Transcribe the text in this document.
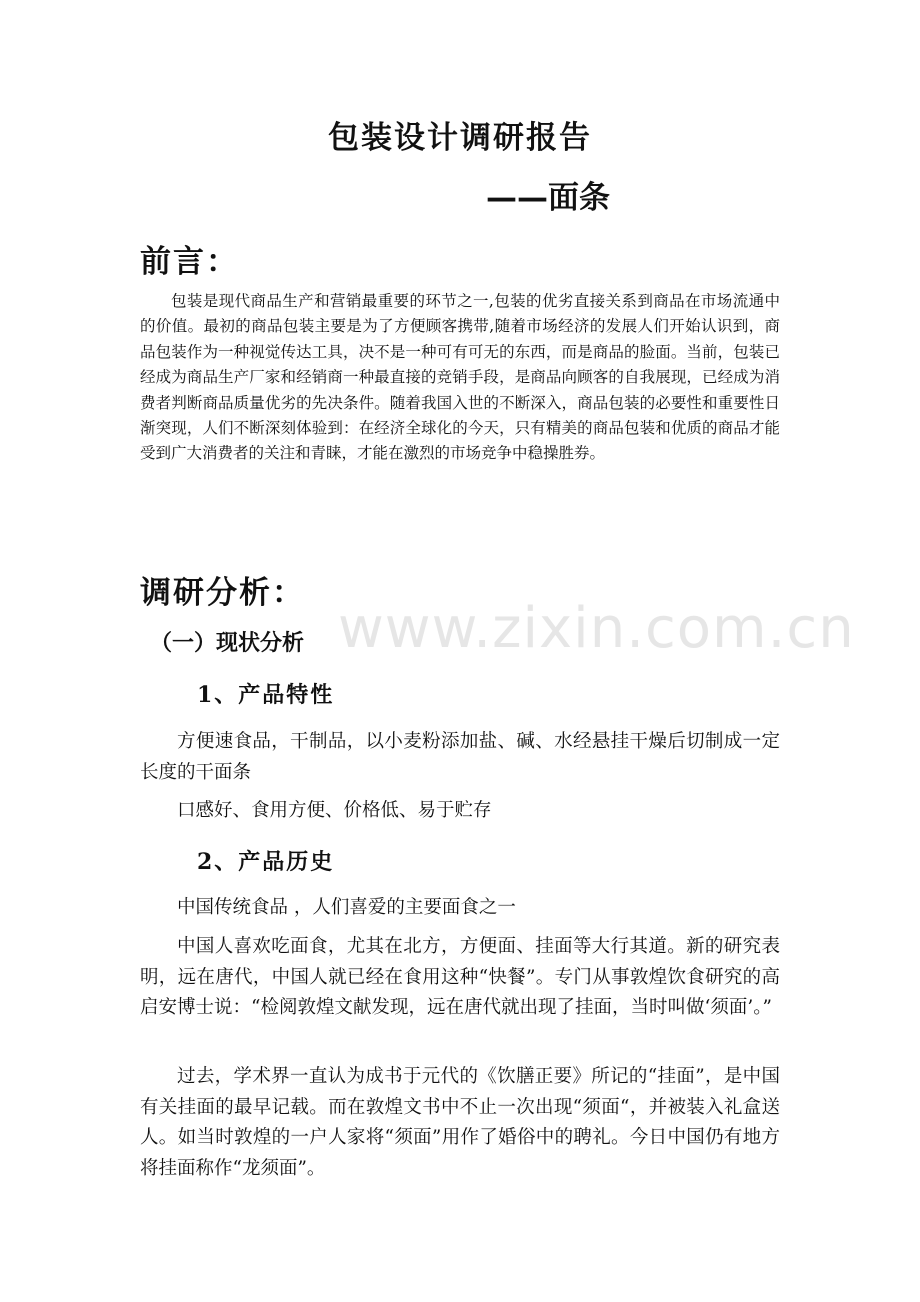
包装设计调研报告
——面条
前言：

包装是现代商品生产和营销最重要的环节之一,包装的优劣直接关系到商品在市场流通中的价值。最初的商品包装主要是为了方便顾客携带,随着市场经济的发展人们开始认识到，商品包装作为一种视觉传达工具，决不是一种可有可无的东西，而是商品的脸面。当前，包装已经成为商品生产厂家和经销商一种最直接的竞销手段，是商品向顾客的自我展现，已经成为消费者判断商品质量优劣的先决条件。随着我国入世的不断深入，商品包装的必要性和重要性日渐突现，人们不断深刻体验到：在经济全球化的今天，只有精美的商品包装和优质的商品才能受到广大消费者的关注和青睐，才能在激烈的市场竞争中稳操胜券。

调研分析：
www.zixin.com.cn
（一）现状分析
1、产品特性

方便速食品，干制品，以小麦粉添加盐、碱、水经悬挂干燥后切制成一定长度的干面条

口感好、食用方便、价格低、易于贮存

2、产品历史

中国传统食品 ，人们喜爱的主要面食之一

中国人喜欢吃面食，尤其在北方，方便面、挂面等大行其道。新的研究表明，远在唐代，中国人就已经在食用这种“快餐”。专门从事敦煌饮食研究的高启安博士说：“检阅敦煌文献发现，远在唐代就出现了挂面，当时叫做‘须面’。”

过去，学术界一直认为成书于元代的《饮膳正要》所记的“挂面”，是中国有关挂面的最早记载。而在敦煌文书中不止一次出现“须面“，并被装入礼盒送人。如当时敦煌的一户人家将“须面”用作了婚俗中的聘礼。今日中国仍有地方将挂面称作“龙须面”。
